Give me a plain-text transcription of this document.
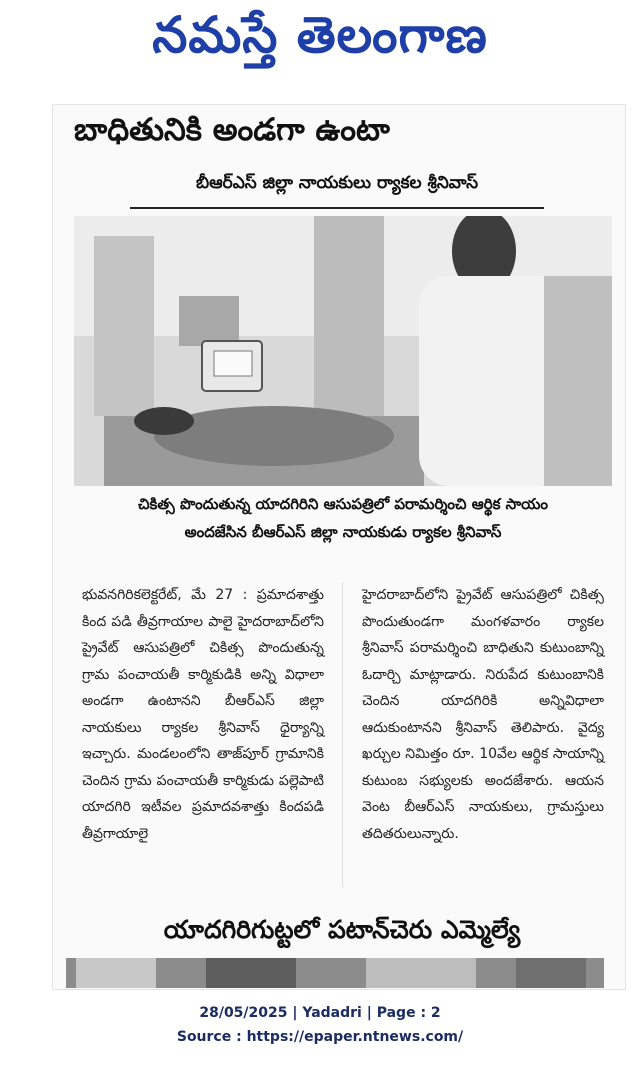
నమస్తే తెలంగాణ
బాధితునికి అండగా ఉంటా
బీఆర్ఎస్ జిల్లా నాయకులు ర్యాకల శ్రీనివాస్
చికిత్స పొందుతున్న యాదగిరిని ఆసుపత్రిలో పరామర్శించి ఆర్థిక సాయం
అందజేసిన బీఆర్ఎస్ జిల్లా నాయకుడు ర్యాకల శ్రీనివాస్
భువనగిరికలెక్టరేట్, మే 27 : ప్రమాదశాత్తు కింద పడి తీవ్రగాయాల పాలై హైదరాబాద్‌లోని ప్రైవేట్ ఆసుపత్రిలో చికిత్స పొందుతున్న గ్రామ పంచాయతీ కార్మికుడికి అన్ని విధాలా అండగా ఉంటానని బీఆర్ఎస్ జిల్లా నాయకులు ర్యాకల శ్రీనివాస్ ధైర్యాన్ని ఇచ్చారు. మండలంలోని తాజ్‌పూర్ గ్రామానికి చెందిన గ్రామ పంచాయతీ కార్మికుడు పల్లెపాటి యాదగిరి ఇటీవల ప్రమాదవశాత్తు కిందపడి తీవ్రగాయాలై
హైదరాబాద్‌లోని ప్రైవేట్ ఆసుపత్రిలో చికిత్స పొందుతుండగా మంగళవారం ర్యాకల శ్రీనివాస్ పరామర్శించి బాధితుని కుటుంబాన్ని ఓదార్చి మాట్లాడారు. నిరుపేద కుటుంబానికి చెందిన యాదగిరికి అన్నివిధాలా ఆదుకుంటానని శ్రీనివాస్ తెలిపారు. వైద్య ఖర్చుల నిమిత్తం రూ. 10వేల ఆర్థిక సాయాన్ని కుటుంబ సభ్యులకు అందజేశారు. ఆయన వెంట బీఆర్ఎస్ నాయకులు, గ్రామస్తులు తదితరులున్నారు.
యాదగిరిగుట్టలో పటాన్‌చెరు ఎమ్మెల్యే
28/05/2025 | Yadadri | Page : 2
Source : https://epaper.ntnews.com/
